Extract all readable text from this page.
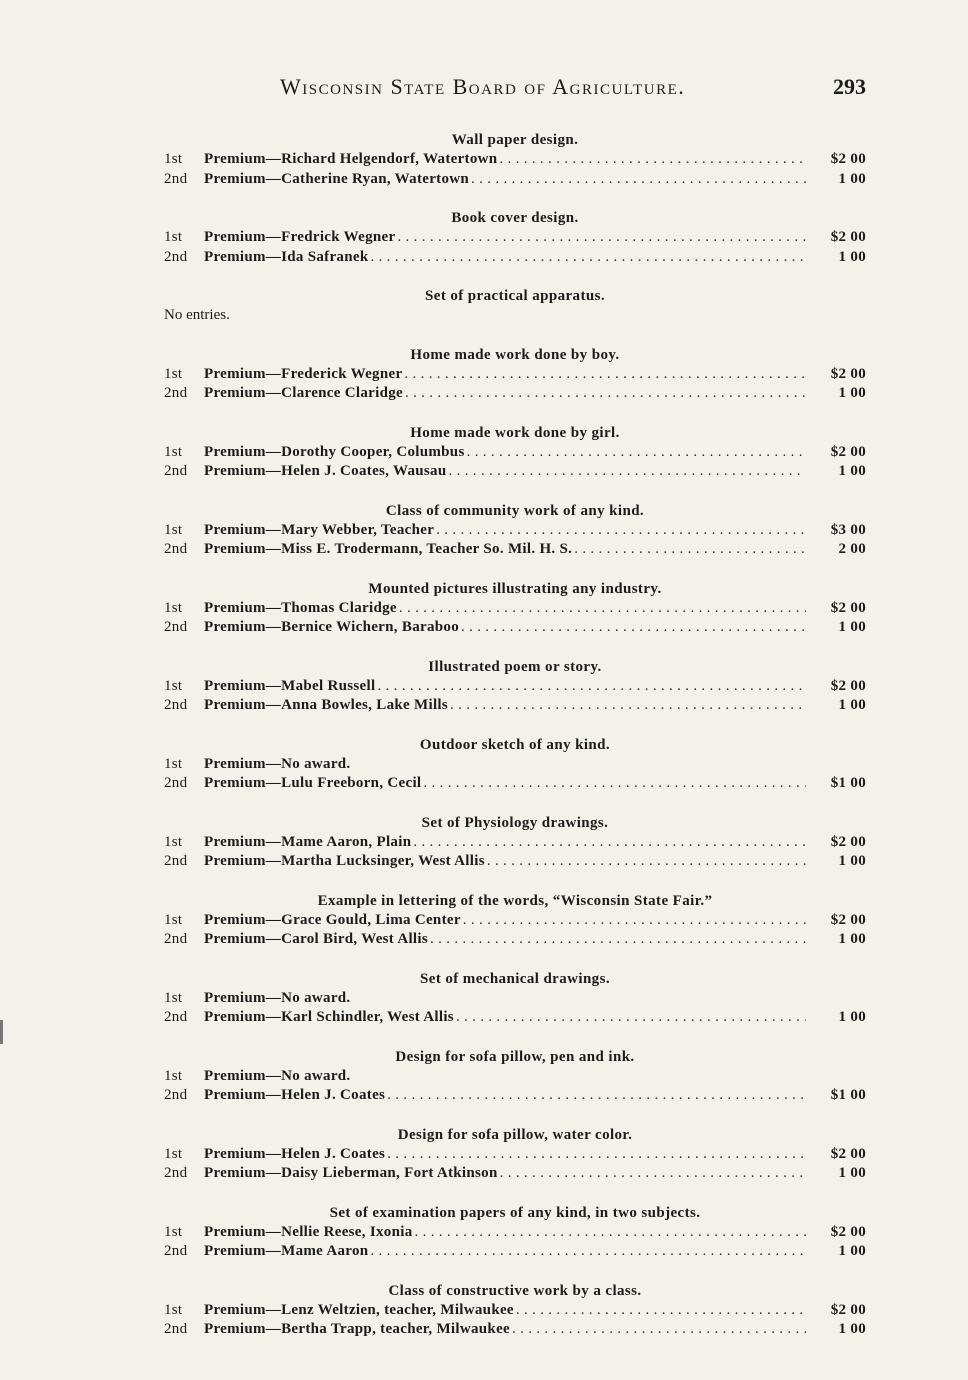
Wisconsin State Board of Agriculture.	293
Wall paper design.
1st	Premium—Richard Helgendorf, Watertown . . .	$2 00
2nd	Premium—Catherine Ryan, Watertown . . .	1 00
Book cover design.
1st	Premium—Fredrick Wegner . . .	$2 00
2nd	Premium—Ida Safranek . . .	1 00
Set of practical apparatus.
No entries.
Home made work done by boy.
1st	Premium—Frederick Wegner . . .	$2 00
2nd	Premium—Clarence Claridge . . .	1 00
Home made work done by girl.
1st	Premium—Dorothy Cooper, Columbus . . .	$2 00
2nd	Premium—Helen J. Coates, Wausau . . .	1 00
Class of community work of any kind.
1st	Premium—Mary Webber, Teacher . . .	$3 00
2nd	Premium—Miss E. Trodermann, Teacher So. Mil. H. S. . . .	2 00
Mounted pictures illustrating any industry.
1st	Premium—Thomas Claridge . . .	$2 00
2nd	Premium—Bernice Wichern, Baraboo . . .	1 00
Illustrated poem or story.
1st	Premium—Mabel Russell . . .	$2 00
2nd	Premium—Anna Bowles, Lake Mills . . .	1 00
Outdoor sketch of any kind.
1st	Premium—No award.
2nd	Premium—Lulu Freeborn, Cecil . . .	$1 00
Set of Physiology drawings.
1st	Premium—Mame Aaron, Plain . . .	$2 00
2nd	Premium—Martha Lucksinger, West Allis . . .	1 00
Example in lettering of the words, “Wisconsin State Fair.”
1st	Premium—Grace Gould, Lima Center . . .	$2 00
2nd	Premium—Carol Bird, West Allis . . .	1 00
Set of mechanical drawings.
1st	Premium—No award.
2nd	Premium—Karl Schindler, West Allis . . .	1 00
Design for sofa pillow, pen and ink.
1st	Premium—No award.
2nd	Premium—Helen J. Coates . . .	$1 00
Design for sofa pillow, water color.
1st	Premium—Helen J. Coates . . .	$2 00
2nd	Premium—Daisy Lieberman, Fort Atkinson . . .	1 00
Set of examination papers of any kind, in two subjects.
1st	Premium—Nellie Reese, Ixonia . . .	$2 00
2nd	Premium—Mame Aaron . . .	1 00
Class of constructive work by a class.
1st	Premium—Lenz Weltzien, teacher, Milwaukee . . .	$2 00
2nd	Premium—Bertha Trapp, teacher, Milwaukee . . .	1 00
